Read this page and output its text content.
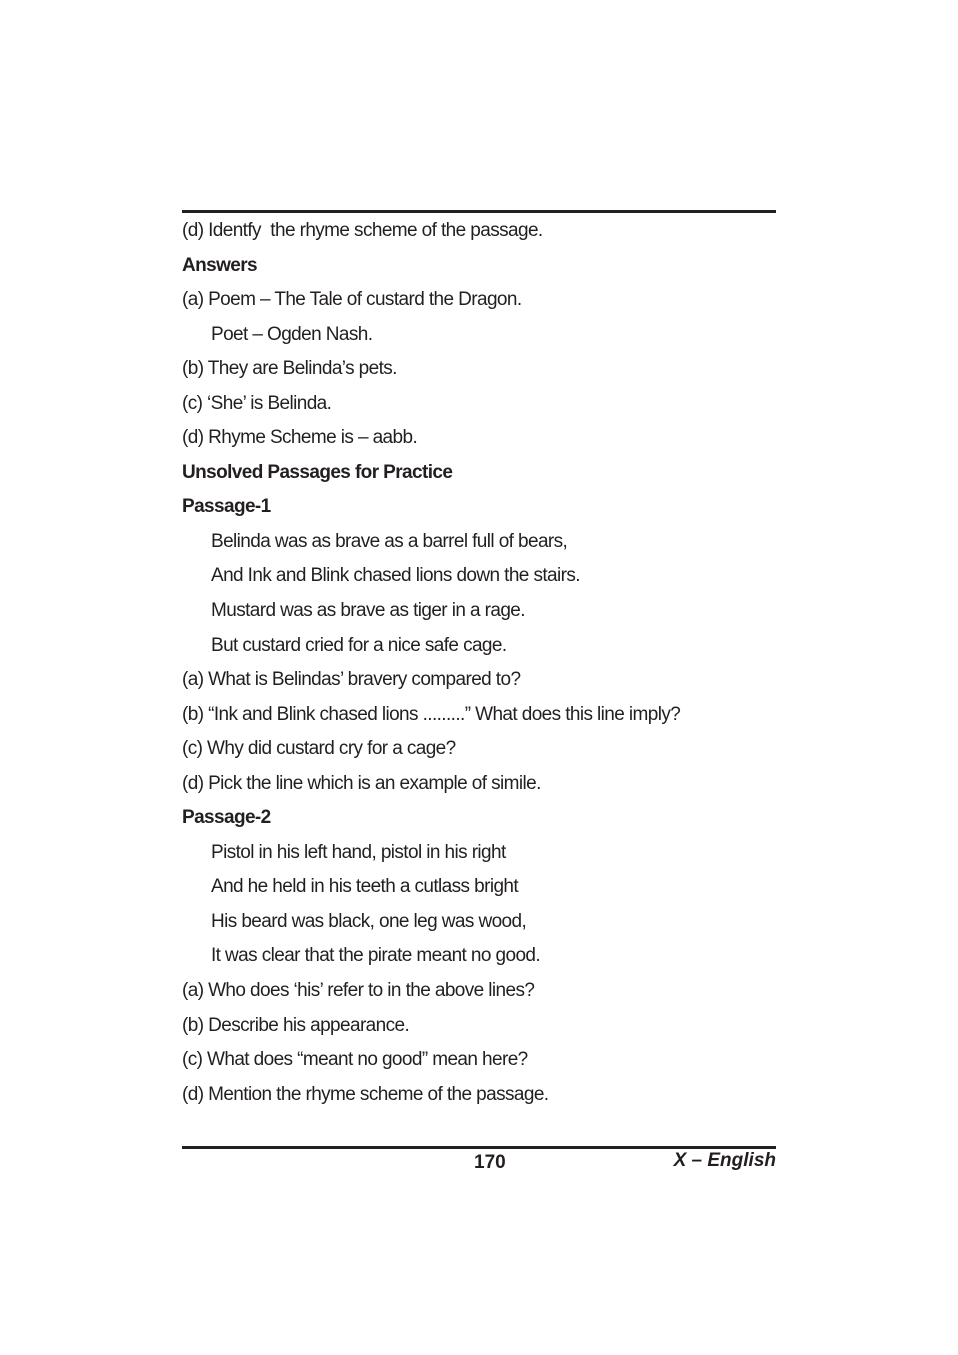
(d) Identfy  the rhyme scheme of the passage.
Answers
(a) Poem – The Tale of custard the Dragon.
Poet – Ogden Nash.
(b) They are Belinda’s pets.
(c) ‘She’ is Belinda.
(d) Rhyme Scheme is – aabb.
Unsolved Passages for Practice
Passage-1
Belinda was as brave as a barrel full of bears,
And Ink and Blink chased lions down the stairs.
Mustard was as brave as tiger in a rage.
But custard cried for a nice safe cage.
(a) What is Belindas’ bravery compared to?
(b) “Ink and Blink chased lions .........” What does this line imply?
(c) Why did custard cry for a cage?
(d) Pick the line which is an example of simile.
Passage-2
Pistol in his left hand, pistol in his right
And he held in his teeth a cutlass bright
His beard was black, one leg was wood,
It was clear that the pirate meant no good.
(a) Who does ‘his’ refer to in the above lines?
(b) Describe his appearance.
(c) What does “meant no good” mean here?
(d) Mention the rhyme scheme of the passage.
170	X – English
